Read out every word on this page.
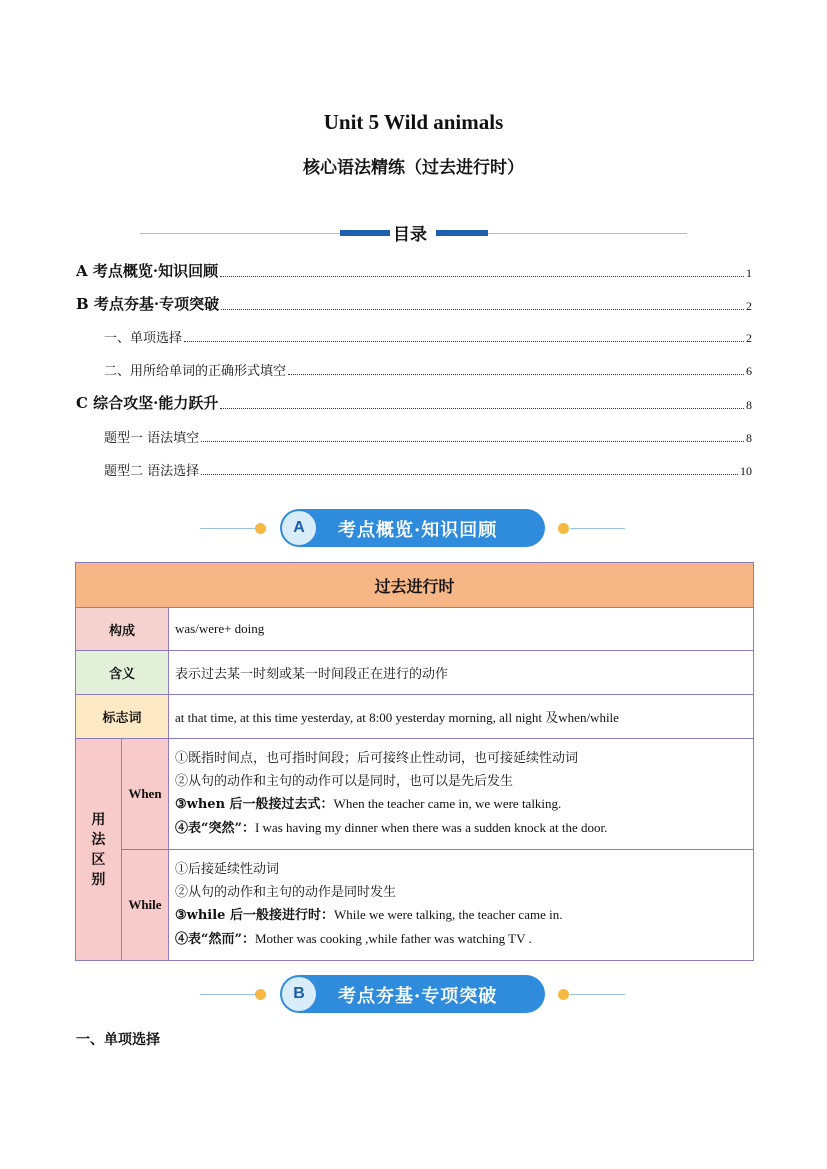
Unit 5 Wild animals
核心语法精练（过去进行时）
目录
A 考点概览·知识回顾	1
B 考点夯基·专项突破	2
一、单项选择	2
二、用所给单词的正确形式填空	6
C 综合攻坚·能力跃升	8
题型一 语法填空	8
题型二 语法选择	10
A	考点概览·知识回顾
过去进行时		
构成		was/were+ doing
含义		表示过去某一时刻或某一时间段正在进行的动作
标志词		at that time, at this time yesterday, at 8:00 yesterday morning, all night 及when/while
用法区别	When	①既指时间点，也可指时间段；后可接终止性动词，也可接延续性动词
②从句的动作和主句的动作可以是同时，也可以是先后发生
③when 后一般接过去式：When the teacher came in, we were talking.
④表“突然”：I was having my dinner when there was a sudden knock at the door.

	While	①后接延续性动词
②从句的动作和主句的动作是同时发生
③while 后一般接进行时：While we were talking, the teacher came in.
④表“然而”：Mother was cooking ,while father was watching TV .
B	考点夯基·专项突破
一、单项选择
